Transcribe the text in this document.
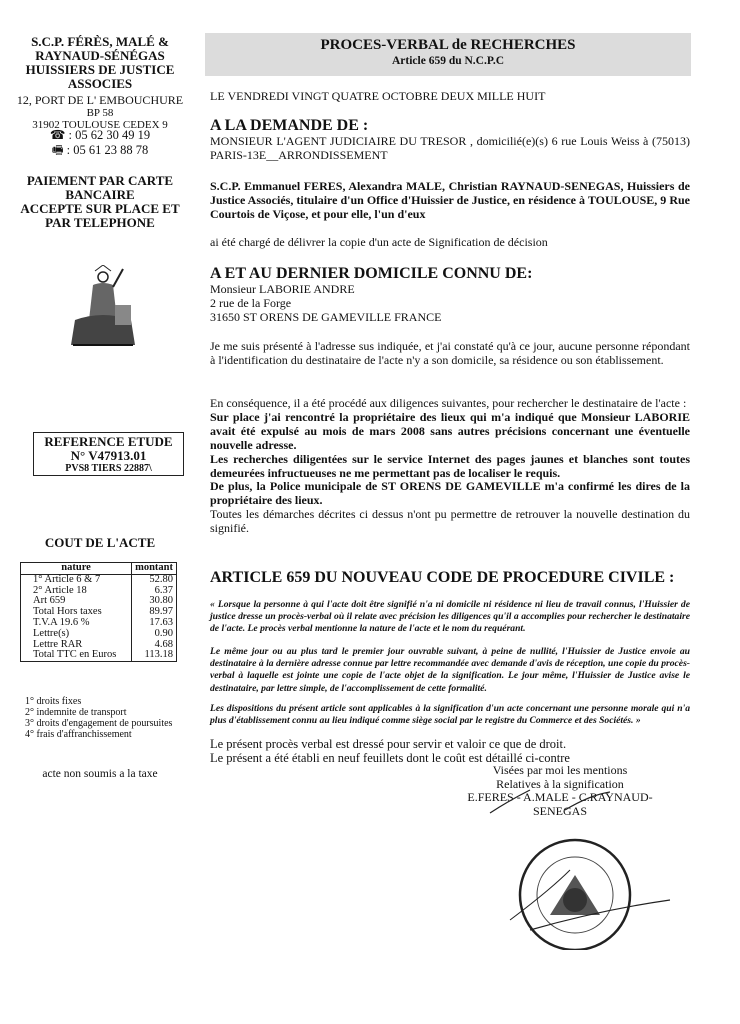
S.C.P. FÉRÈS, MALÉ &
RAYNAUD-SÉNÉGAS
HUISSIERS DE JUSTICE
ASSOCIES
12, PORT DE L' EMBOUCHURE
BP 58
31902 TOULOUSE CEDEX 9
☎ : 05 62 30 49 19
🖷 : 05 61 23 88 78
PAIEMENT PAR CARTE
BANCAIRE
ACCEPTE SUR PLACE ET
PAR TELEPHONE
REFERENCE ETUDE
N° V47913.01
PVS8 TIERS 22887\
COUT DE L'ACTE
nature	montant
1° Article 6 & 7	52.80
2° Article 18	6.37
Art 659	30.80
Total Hors taxes	89.97
T.V.A 19.6 %	17.63
Lettre(s)	0.90
Lettre RAR	4.68
Total TTC en Euros	113.18
1° droits fixes
2° indemnite de transport
3° droits d'engagement de poursuites
4° frais d'affranchissement
acte non soumis a la taxe
PROCES-VERBAL de RECHERCHES
Article 659 du N.C.P.C
LE VENDREDI VINGT QUATRE OCTOBRE DEUX MILLE HUIT
A LA DEMANDE DE :
MONSIEUR L'AGENT JUDICIAIRE DU TRESOR , domicilié(e)(s) 6 rue Louis Weiss à (75013) PARIS-13E__ARRONDISSEMENT
S.C.P. Emmanuel FERES, Alexandra MALE, Christian RAYNAUD-SENEGAS, Huissiers de Justice Associés, titulaire d'un Office d'Huissier de Justice, en résidence à TOULOUSE, 9 Rue Courtois de Viçose, et pour elle, l'un d'eux
ai été chargé de délivrer la copie d'un acte de Signification de décision
A ET AU DERNIER DOMICILE CONNU DE:
Monsieur LABORIE ANDRE
2 rue de la Forge
31650 ST ORENS DE GAMEVILLE FRANCE
Je me suis présenté à l'adresse sus indiquée, et j'ai constaté qu'à ce jour, aucune personne répondant à l'identification du destinataire de l'acte n'y a son domicile, sa résidence ou son établissement.
En conséquence, il a été procédé aux diligences suivantes, pour rechercher le destinataire de l'acte :
Sur place j'ai rencontré la propriétaire des lieux qui m'a indiqué que Monsieur LABORIE avait été expulsé au mois de mars 2008 sans autres précisions concernant une éventuelle nouvelle adresse.
Les recherches diligentées sur le service Internet des pages jaunes et blanches sont toutes demeurées infructueuses ne me permettant pas de localiser le requis.
De plus, la Police municipale de ST ORENS DE GAMEVILLE m'a confirmé les dires de la propriétaire des lieux.
Toutes les démarches décrites ci dessus n'ont pu permettre de retrouver la nouvelle destination du signifié.
ARTICLE 659 DU NOUVEAU CODE DE PROCEDURE CIVILE :
« Lorsque la personne à qui l'acte doit être signifié n'a ni domicile ni résidence ni lieu de travail connus, l'Huissier de justice dresse un procès-verbal où il relate avec précision les diligences qu'il a accomplies pour rechercher le destinataire de l'acte. Le procès verbal mentionne la nature de l'acte et le nom du requérant.
Le même jour ou au plus tard le premier jour ouvrable suivant, à peine de nullité, l'Huissier de Justice envoie au destinataire à la dernière adresse connue par lettre recommandée avec demande d'avis de réception, une copie du procès-verbal à laquelle est jointe une copie de l'acte objet de la signification. Le jour même, l'Huissier de Justice avise le destinataire, par lettre simple, de l'accomplissement de cette formalité.
Les dispositions du présent article sont applicables à la signification d'un acte concernant une personne morale qui n'a plus d'établissement connu au lieu indiqué comme siège social par le registre du Commerce et des Sociétés. »
Le présent procès verbal est dressé pour servir et valoir ce que de droit.
Le présent a été établi en neuf feuillets dont le coût est détaillé ci-contre
Visées par moi les mentions
Relatives à la signification
E.FERES - A.MALE - C.RAYNAUD-
SENEGAS
